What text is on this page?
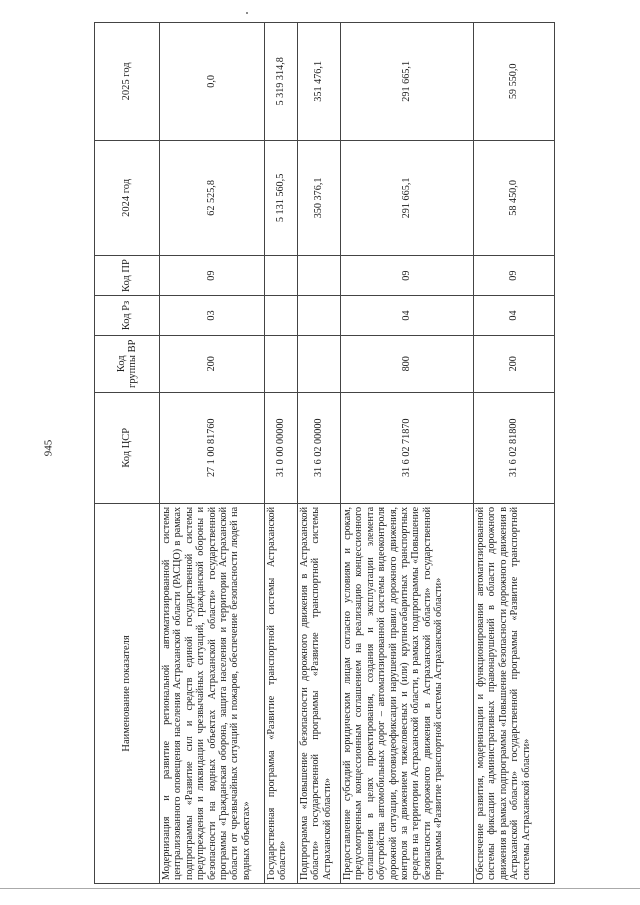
945
Наименование показателя	Код ЦСР	Код группы ВР	Код Рз	Код ПР	2024 год	2025 год
Модернизация и развитие региональной автоматизированной системы централизованного оповещения населения Астраханской области (РАСЦО) в рамках подпрограммы «Развитие сил и средств единой государственной системы предупреждения и ликвидации чрезвычайных ситуаций, гражданской обороны и безопасности на водных объектах Астраханской области» государственной программы «Гражданская оборона, защита населения и территории Астраханской области от чрезвычайных ситуаций и пожаров, обеспечение безопасности людей на водных объектах»	27 1 00 81760	200	03	09	62 525,8	0,0
Государственная программа «Развитие транспортной системы Астраханской области»	31 0 00 00000				5 131 560,5	5 319 314,8
Подпрограмма «Повышение безопасности дорожного движения в Астраханской области» государственной программы «Развитие транспортной системы Астраханской области»	31 6 02 00000				350 376,1	351 476,1
Предоставление субсидий юридическим лицам согласно условиям и срокам, предусмотренным концессионным соглашением на реализацию концессионного соглашения в целях проектирования, создания и эксплуатации элемента обустройства автомобильных дорог – автоматизированной системы видеоконтроля дорожной ситуации, фотовидеофиксации нарушений правил дорожного движения, контроля за движением тяжеловесных и (или) крупногабаритных транспортных средств на территории Астраханской области, в рамках подпрограммы «Повышение безопасности дорожного движения в Астраханской области» государственной программы «Развитие транспортной системы Астраханской области»	31 6 02 71870	800	04	09	291 665,1	291 665,1
Обеспечение развития, модернизации и функционирования автоматизированной системы фиксации административных правонарушений в области дорожного движения в рамках подпрограммы «Повышение безопасности дорожного движения в Астраханской области» государственной программы «Развитие транспортной системы Астраханской области»	31 6 02 81800	200	04	09	58 450,0	59 550,0
